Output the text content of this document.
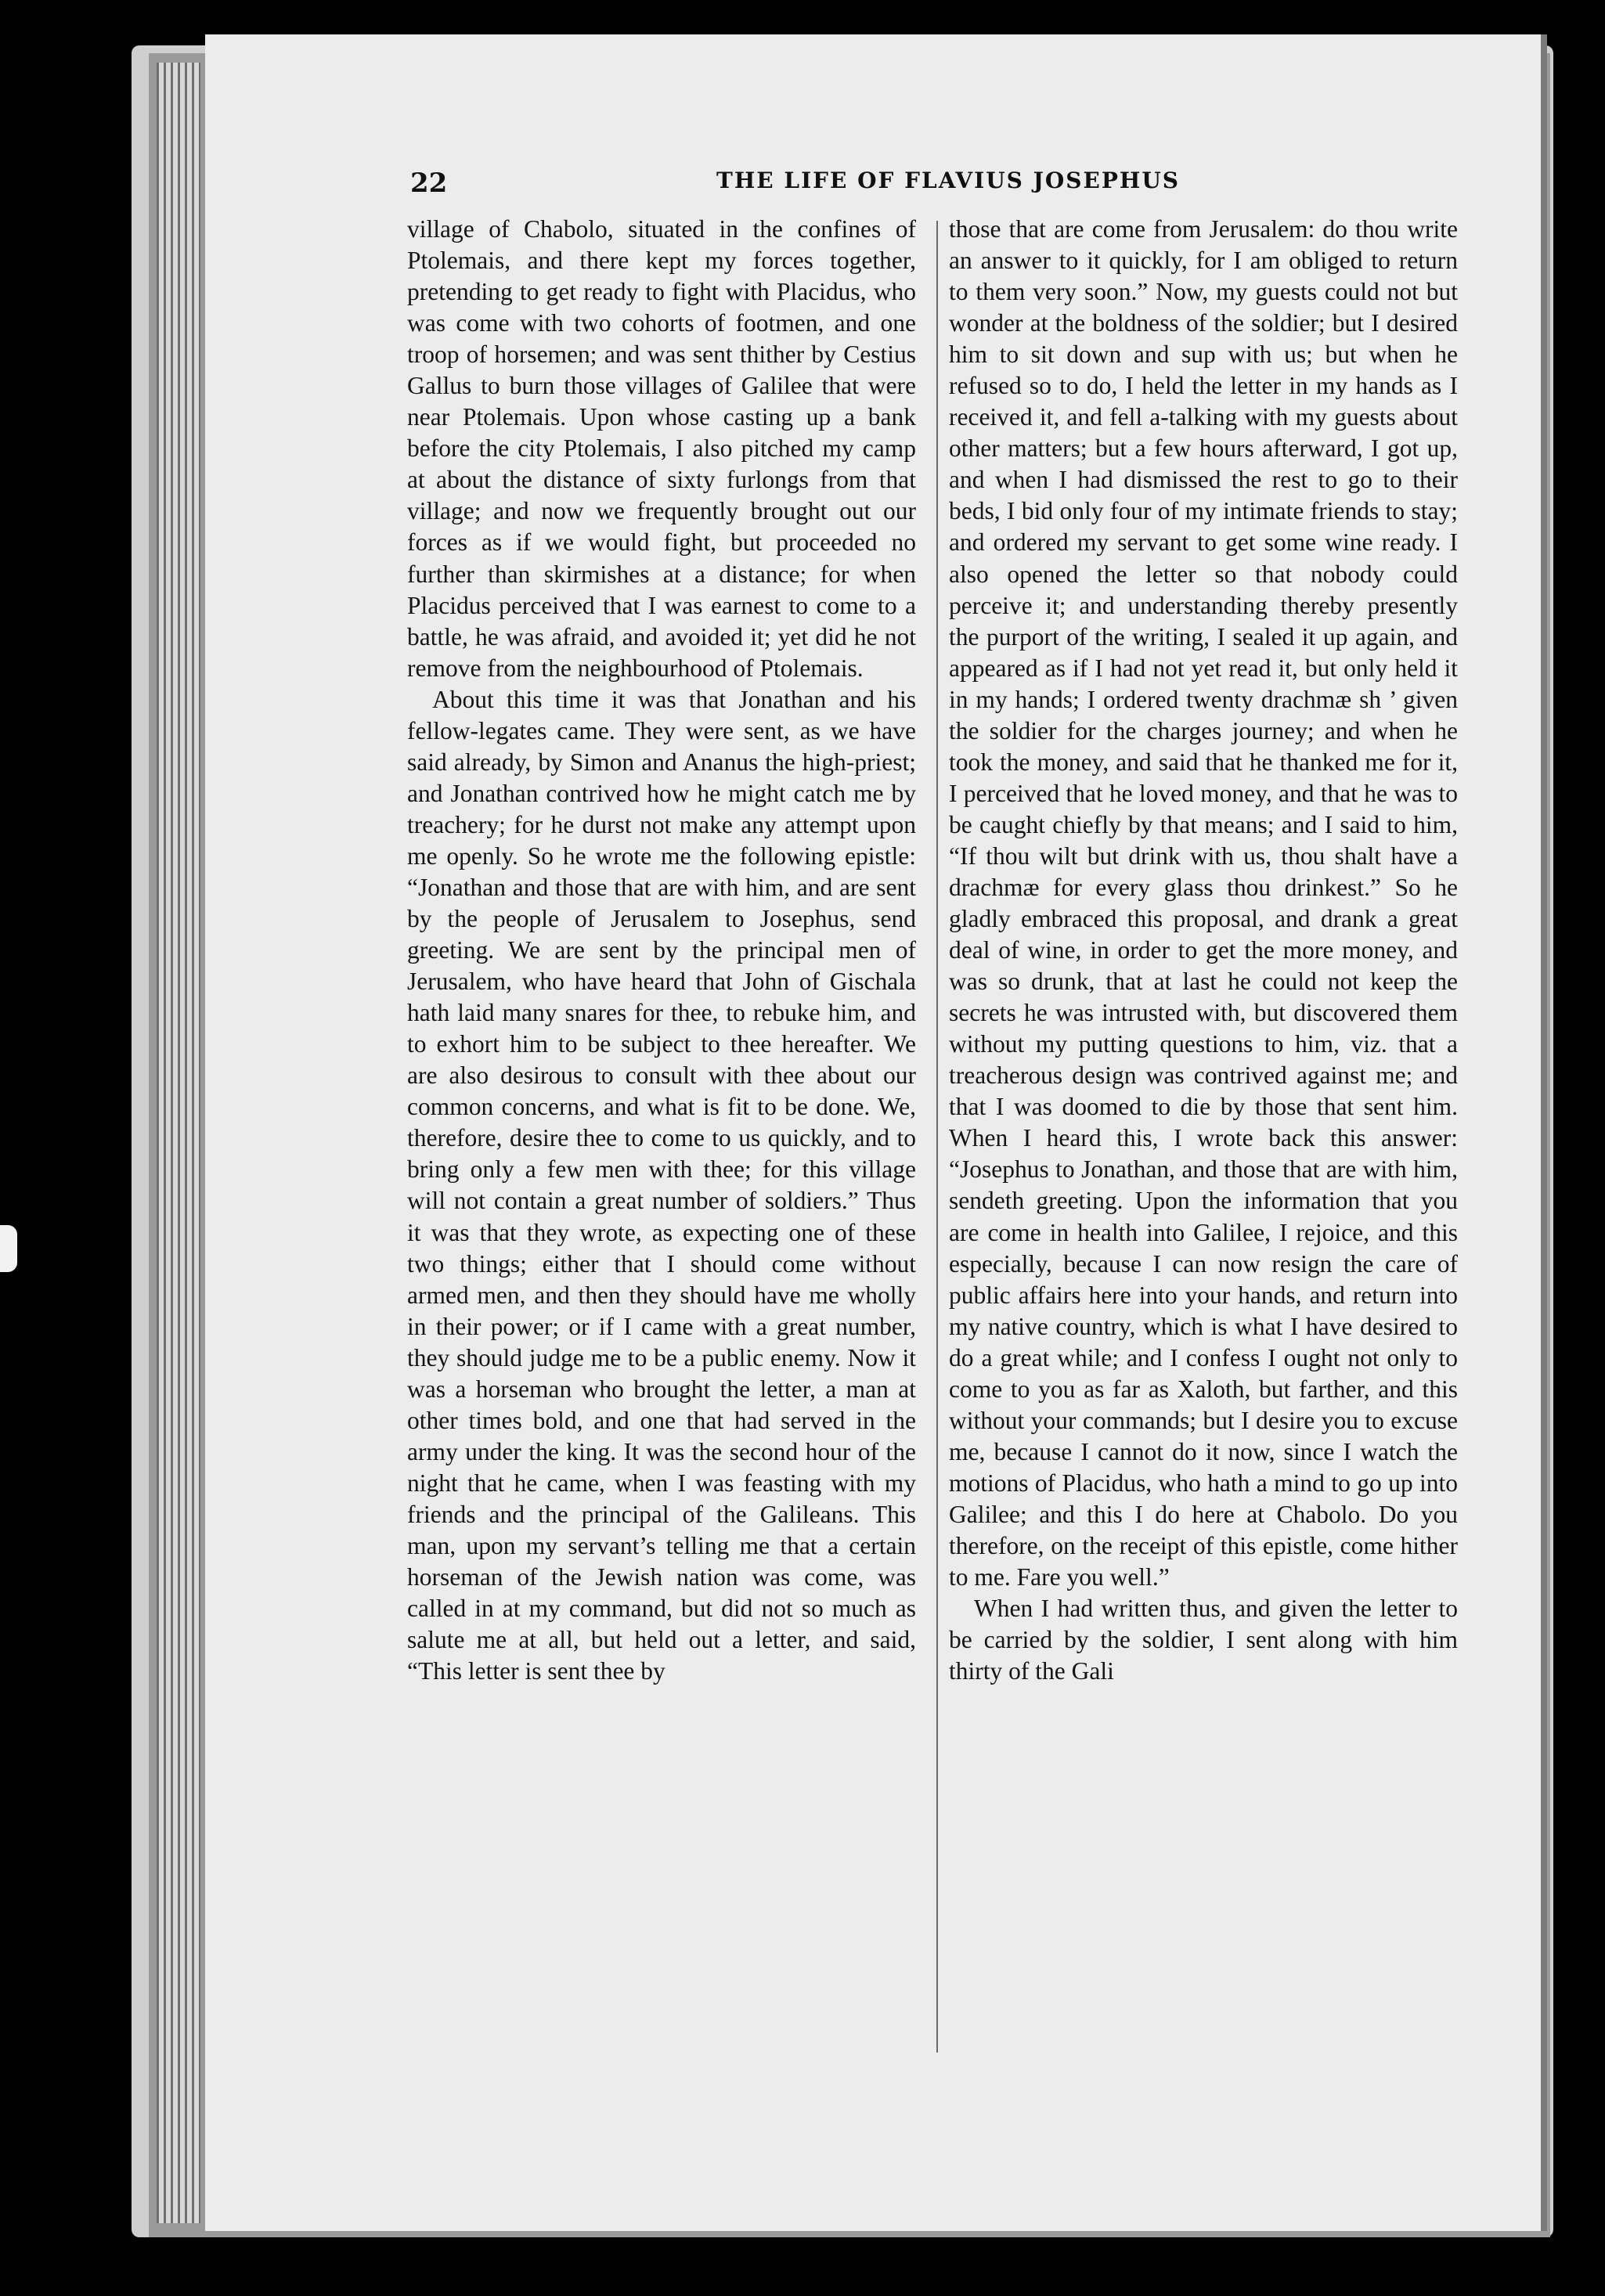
22	THE LIFE OF FLAVIUS JOSEPHUS

village of Chabolo, situated in the confines of Ptolemais, and there kept my forces together, pretending to get ready to fight with Placidus, who was come with two cohorts of footmen, and one troop of horsemen; and was sent thither by Cestius Gallus to burn those villages of Galilee that were near Ptolemais. Upon whose casting up a bank before the city Ptolemais, I also pitched my camp at about the distance of sixty furlongs from that village; and now we frequently brought out our forces as if we would fight, but proceeded no further than skirmishes at a distance; for when Placidus perceived that I was earnest to come to a battle, he was afraid, and avoided it; yet did he not remove from the neighbourhood of Ptolemais.

About this time it was that Jonathan and his fellow-legates came. They were sent, as we have said already, by Simon and Ananus the high-priest; and Jonathan contrived how he might catch me by treachery; for he durst not make any attempt upon me openly. So he wrote me the following epistle: “Jonathan and those that are with him, and are sent by the people of Jerusalem to Josephus, send greeting. We are sent by the principal men of Jerusalem, who have heard that John of Gischala hath laid many snares for thee, to rebuke him, and to exhort him to be subject to thee hereafter. We are also desirous to consult with thee about our common concerns, and what is fit to be done. We, therefore, desire thee to come to us quickly, and to bring only a few men with thee; for this village will not contain a great number of soldiers.” Thus it was that they wrote, as expecting one of these two things; either that I should come without armed men, and then they should have me wholly in their power; or if I came with a great number, they should judge me to be a public enemy. Now it was a horseman who brought the letter, a man at other times bold, and one that had served in the army under the king. It was the second hour of the night that he came, when I was feasting with my friends and the principal of the Galileans. This man, upon my servant’s telling me that a certain horseman of the Jewish nation was come, was called in at my command, but did not so much as salute me at all, but held out a letter, and said, “This letter is sent thee by

those that are come from Jerusalem: do thou write an answer to it quickly, for I am obliged to return to them very soon.” Now, my guests could not but wonder at the boldness of the soldier; but I desired him to sit down and sup with us; but when he refused so to do, I held the letter in my hands as I received it, and fell a-talking with my guests about other matters; but a few hours afterward, I got up, and when I had dismissed the rest to go to their beds, I bid only four of my intimate friends to stay; and ordered my servant to get some wine ready. I also opened the letter so that nobody could perceive it; and understanding thereby presently the purport of the writing, I sealed it up again, and appeared as if I had not yet read it, but only held it in my hands; I ordered twenty drachmæ sh ’ given the soldier for the charges journey; and when he took the money, and said that he thanked me for it, I perceived that he loved money, and that he was to be caught chiefly by that means; and I said to him, “If thou wilt but drink with us, thou shalt have a drachmæ for every glass thou drinkest.” So he gladly embraced this proposal, and drank a great deal of wine, in order to get the more money, and was so drunk, that at last he could not keep the secrets he was intrusted with, but discovered them without my putting questions to him, viz. that a treacherous design was contrived against me; and that I was doomed to die by those that sent him. When I heard this, I wrote back this answer: “Josephus to Jonathan, and those that are with him, sendeth greeting. Upon the information that you are come in health into Galilee, I rejoice, and this especially, because I can now resign the care of public affairs here into your hands, and return into my native country, which is what I have desired to do a great while; and I confess I ought not only to come to you as far as Xaloth, but farther, and this without your commands; but I desire you to excuse me, because I cannot do it now, since I watch the motions of Placidus, who hath a mind to go up into Galilee; and this I do here at Chabolo. Do you therefore, on the receipt of this epistle, come hither to me. Fare you well.”

When I had written thus, and given the letter to be carried by the soldier, I sent along with him thirty of the Gali
